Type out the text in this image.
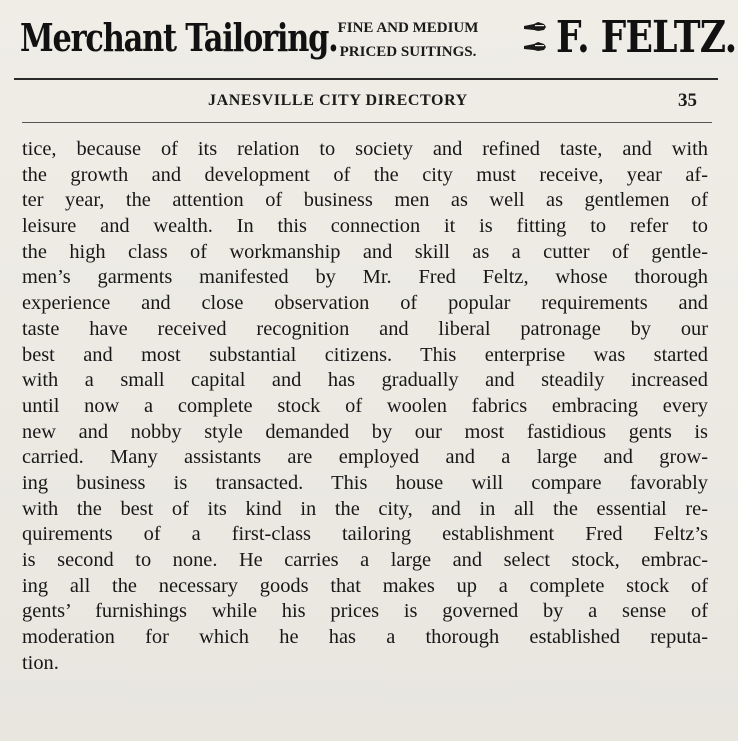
Merchant Tailoring. FINE AND MEDIUM
PRICED SUITINGS.	F. FELTZ.
JANESVILLE CITY DIRECTORY	35
tice, because of its relation to society and refined taste, and with
the growth and development of the city must receive, year af-
ter year, the attention of business men as well as gentlemen of
leisure and wealth. In this connection it is fitting to refer to
the high class of workmanship and skill as a cutter of gentle-
men’s garments manifested by Mr. Fred Feltz, whose thorough
experience and close observation of popular requirements and
taste have received recognition and liberal patronage by our
best and most substantial citizens. This enterprise was started
with a small capital and has gradually and steadily increased
until now a complete stock of woolen fabrics embracing every
new and nobby style demanded by our most fastidious gents is
carried. Many assistants are employed and a large and grow-
ing business is transacted. This house will compare favorably
with the best of its kind in the city, and in all the essential re-
quirements of a first-class tailoring establishment Fred Feltz’s
is second to none. He carries a large and select stock, embrac-
ing all the necessary goods that makes up a complete stock of
gents’ furnishings while his prices is governed by a sense of
moderation for which he has a thorough established reputa-
tion.
